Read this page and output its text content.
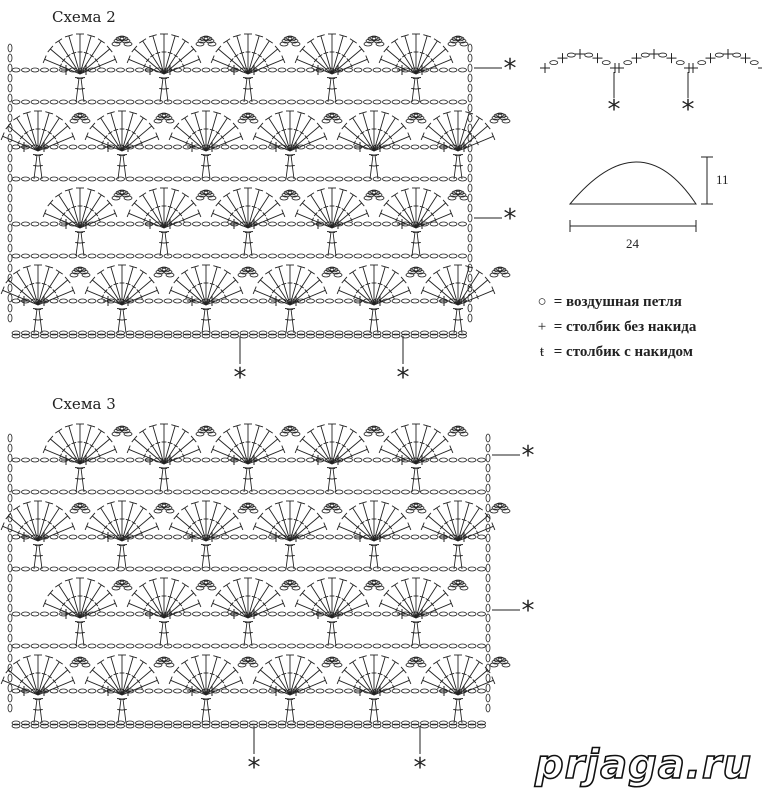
Схема 2
Схема 3
*
*
*	*
*
*
*	*
* *
○ = воздушная петля
+ = столбик без накида
ŧ = столбик с накидом
11
24
prjaga.ru
